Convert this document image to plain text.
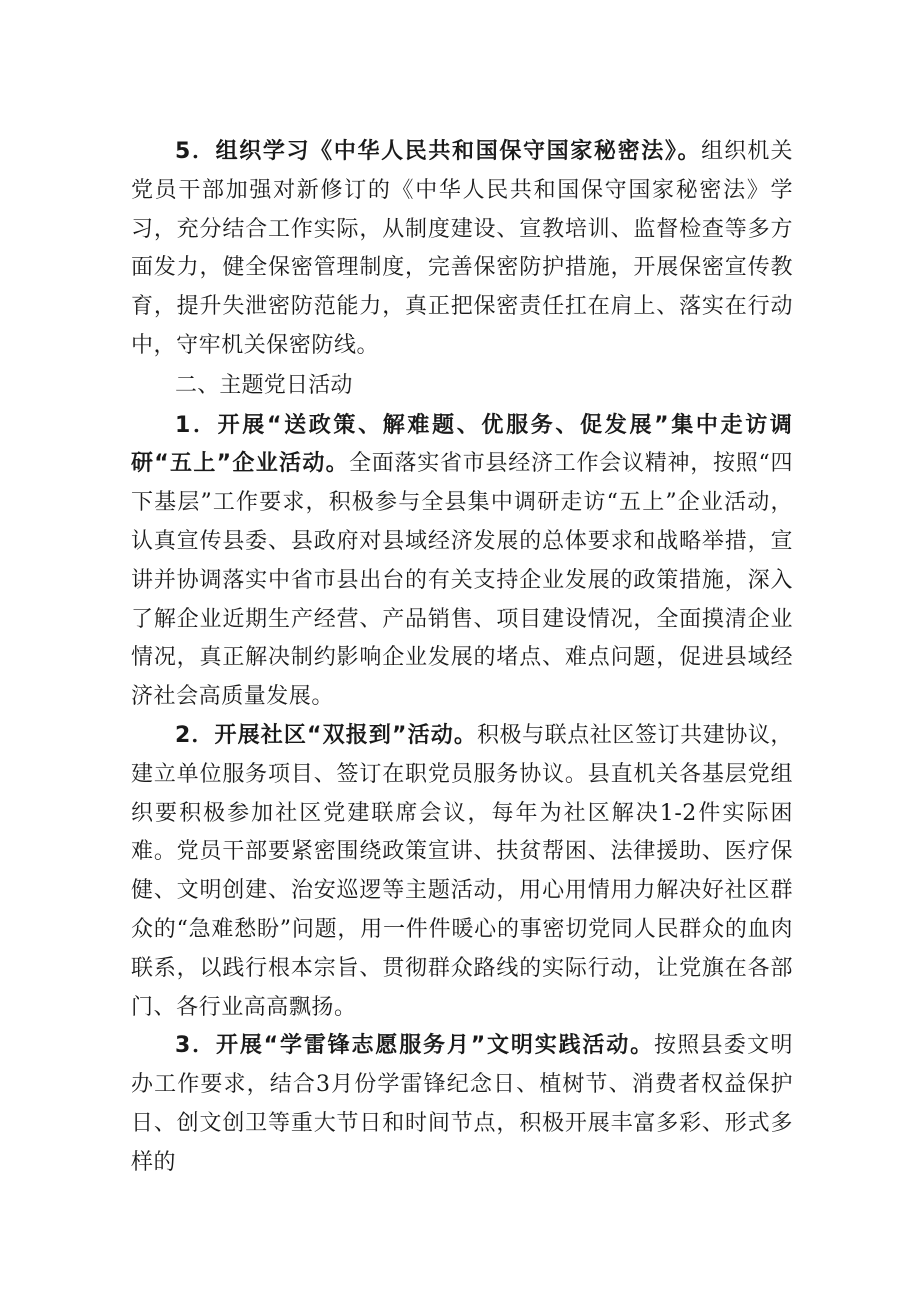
5．组织学习《中华人民共和国保守国家秘密法》。组织机关党员干部加强对新修订的《中华人民共和国保守国家秘密法》学习，充分结合工作实际，从制度建设、宣教培训、监督检查等多方面发力，健全保密管理制度，完善保密防护措施，开展保密宣传教育，提升失泄密防范能力，真正把保密责任扛在肩上、落实在行动中，守牢机关保密防线。

二、主题党日活动

1．开展“送政策、解难题、优服务、促发展”集中走访调研“五上”企业活动。全面落实省市县经济工作会议精神，按照“四下基层”工作要求，积极参与全县集中调研走访“五上”企业活动，认真宣传县委、县政府对县域经济发展的总体要求和战略举措，宣讲并协调落实中省市县出台的有关支持企业发展的政策措施，深入了解企业近期生产经营、产品销售、项目建设情况，全面摸清企业情况，真正解决制约影响企业发展的堵点、难点问题，促进县域经济社会高质量发展。

2．开展社区“双报到”活动。积极与联点社区签订共建协议，建立单位服务项目、签订在职党员服务协议。县直机关各基层党组织要积极参加社区党建联席会议，每年为社区解决1-2件实际困难。党员干部要紧密围绕政策宣讲、扶贫帮困、法律援助、医疗保健、文明创建、治安巡逻等主题活动，用心用情用力解决好社区群众的“急难愁盼”问题，用一件件暖心的事密切党同人民群众的血肉联系，以践行根本宗旨、贯彻群众路线的实际行动，让党旗在各部门、各行业高高飘扬。

3．开展“学雷锋志愿服务月”文明实践活动。按照县委文明办工作要求，结合3月份学雷锋纪念日、植树节、消费者权益保护日、创文创卫等重大节日和时间节点，积极开展丰富多彩、形式多样的
